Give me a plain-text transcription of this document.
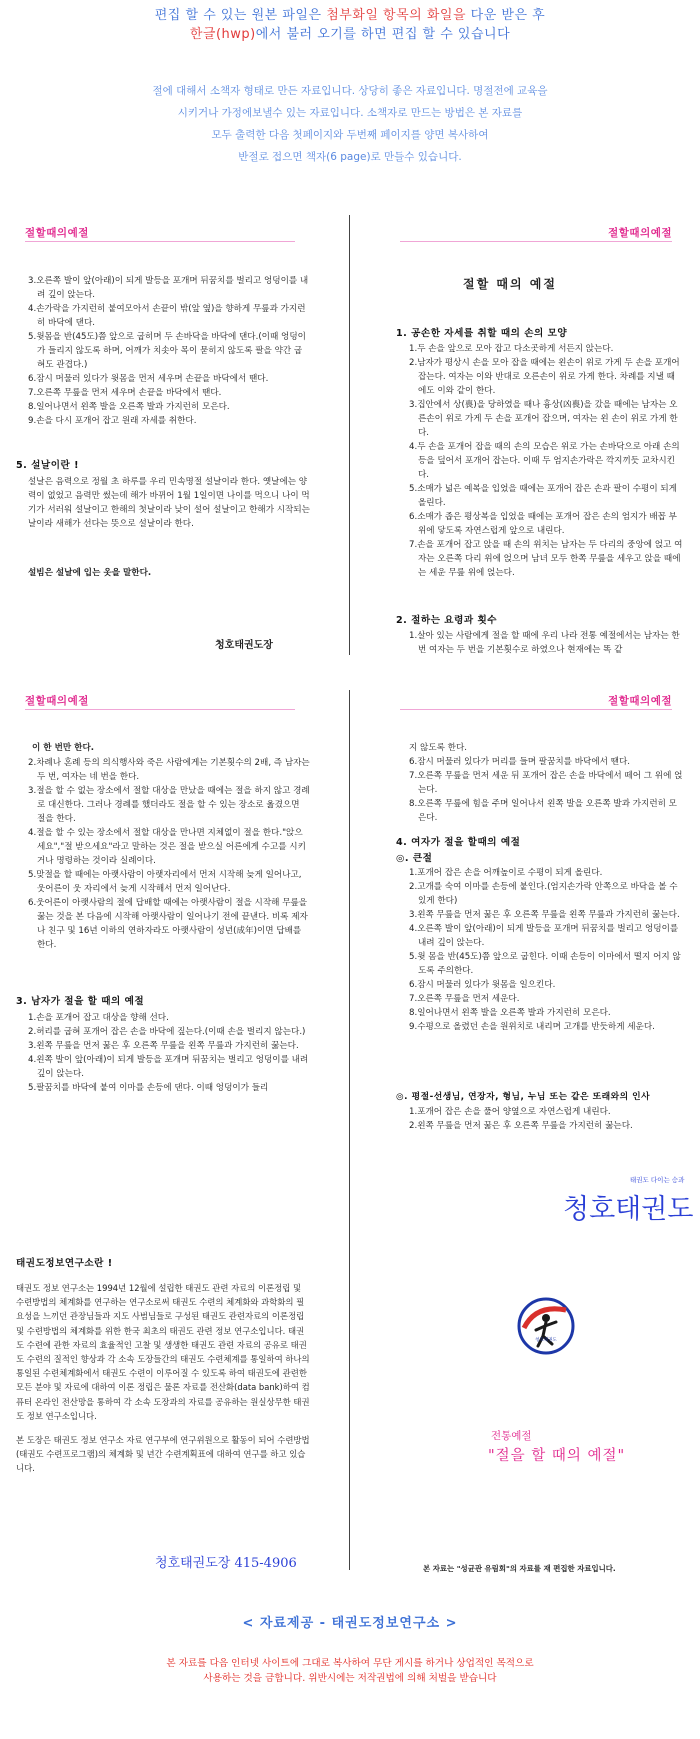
편집 할 수 있는 원본 파일은 첨부화일 항목의 화일을 다운 받은 후
한글(hwp)에서 불러 오기를 하면 편집 할 수 있습니다
절에 대해서 소책자 형태로 만든 자료입니다. 상당히 좋은 자료입니다. 명절전에 교육을
시키거나 가정에보낼수 있는 자료입니다. 소책자로 만드는 방법은 본 자료를
모두 출력한 다음 첫페이지와 두번째 페이지를 양면 복사하여
반절로 접으면 책자(6 page)로 만들수 있습니다.
절할때의예절

3.오른쪽 발이 앞(아래)이 되게 발등을 포개며 뒤꿈치를 벌리고 엉덩이를 내려 깊이 앉는다.

4.손가락을 가지런히 붙여모아서 손끝이 밖(앞 옆)을 향하게 무릎과 가지런히 바닥에 댄다.

5.윗몸을 반(45도)쯤 앞으로 굽히며 두 손바닥을 바닥에 댄다.(이때 엉덩이가 들리지 않도록 하며, 어깨가 치솟아 목이 묻히지 않도록 팔을 약간 굽혀도 관겹다.)

6.잠시 머물러 있다가 윗몸을 먼저 세우며 손끝을 바닥에서 땐다.

7.오른쪽 무릎을 먼저 세우며 손끝을 바닥에서 땐다.

8.일어나면서 왼쪽 발을 오른쪽 발과 가지런히 모은다.

9.손을 다시 포개어 잡고 원래 자세를 취한다.

5. 설날이란 !
설날은 음력으로 정월 초 하루를 우리 민속명절 설날이라 한다. 옛날에는 양력이 없었고 음력만 썼는데 해가 바뀌어 1월 1일이면 나이를 먹으니 나이 먹기가 서러워 설날이고 한해의 첫날이라 낮이 설어 설날이고 한해가 시작되는 날이라 새해가 선다는 뜻으로 설날이라 한다.
설빔은 설날에 입는 옷을 말한다.
청호태권도장
절할때의예절
절할 때의 예절
1. 공손한 자세를 취할 때의 손의 모양

1.두 손을 앞으로 모아 잡고 다소곳하게 서든지 앉는다.

2.남자가 평상시 손을 모아 잡을 때에는 왼손이 위로 가게 두 손을 포개어 잡는다. 여자는 이와 반대로 오른손이 위로 가게 한다. 차례를 지낼 때에도 이와 같이 한다.

3.집안에서 상(喪)을 당하였을 때나 흉상(凶喪)을 갔을 때에는 남자는 오른손이 위로 가게 두 손을 포개어 잡으며, 여자는 왼 손이 위로 가게 한다.

4.두 손을 포개어 잡을 때의 손의 모습은 위로 가는 손바닥으로 아래 손의 등을 덮어서 포개어 잡는다. 이때 두 엄지손가락은 깍지끼듯 교차시킨다.

5.소매가 넓은 예복을 입었을 때에는 포개어 잡은 손과 팔이 수평이 되게 올린다.

6.소매가 좁은 평상복을 입었을 때에는 포개어 잡은 손의 엄지가 배꼽 부위에 닿도록 자연스럽게 앞으로 내린다.

7.손을 포개어 잡고 앉을 때 손의 위치는 남자는 두 다리의 중앙에 얹고 여자는 오른쪽 다리 위에 얹으며 남녀 모두 한쪽 무릎을 세우고 앉을 때에는 세운 무릎 위에 얹는다.

2. 절하는 요령과 횟수

1.살아 있는 사람에게 절을 할 때에 우리 나라 전통 예절에서는 남자는 한 번 여자는 두 번을 기본횟수로 하였으나 현재에는 똑 같

절할때의예절
이 한 번만 한다.

2.차례나 혼례 등의 의식행사와 죽은 사람에게는 기본횟수의 2배, 즉 남자는 두 번, 여자는 네 번을 한다.

3.절을 할 수 없는 장소에서 절할 대상을 만났을 때에는 절을 하지 않고 경례로 대신한다. 그러나 경례를 했더라도 절을 할 수 있는 장소로 옮겼으면 절을 한다.

4.절을 할 수 있는 장소에서 절할 대상을 만나면 지체없이 절을 한다."앉으세요","절 받으세요"라고 말하는 것은 절을 받으실 어른에게 수고를 시키거나 명령하는 것이라 실례이다.

5.맞절을 할 때에는 아랫사람이 아랫자리에서 먼저 시작해 늦게 일어나고, 웃어른이 웃 자리에서 늦게 시작해서 먼저 일어난다.

6.웃어른이 아랫사람의 절에 답배할 때에는 아랫사람이 절을 시작해 무릎을 꿇는 것을 본 다음에 시작해 아랫사람이 일어나기 전에 끝낸다. 비록 제자나 친구 및 16년 이하의 연하자라도 아랫사람이 성년(成年)이면 답배를 한다.

3. 남자가 절을 할 때의 예절

1.손을 포개어 잡고 대상을 향해 선다.

2.허리를 굽혀 포개어 잡은 손을 바닥에 짚는다.(이때 손을 벌리지 않는다.)

3.왼쪽 무릎을 먼저 꿇은 후 오른쪽 무릎을 왼쪽 무릎과 가지런히 꿇는다.

4.왼쪽 발이 앞(아래)이 되게 발등을 포개며 뒤꿈치는 벌리고 엉덩이를 내려 깊이 앉는다.

5.팔꿈치를 바닥에 붙여 이마를 손등에 댄다. 이때 엉덩이가 들리

절할때의예절

지 않도록 한다.

6.잠시 머물러 있다가 머리를 들며 팔꿈치를 바닥에서 땐다.

7.오른쪽 무릎을 먼저 세운 뒤 포개어 잡은 손을 바닥에서 떼어 그 위에 얹는다.

8.오른쪽 무릎에 힘을 주며 일어나서 왼쪽 발을 오른쪽 발과 가지런히 모은다.

4. 여자가 절을 할때의 예절
◎. 큰절

1.포개어 잡은 손을 어깨높이로 수평이 되게 올린다.

2.고개를 숙여 이마를 손등에 붙인다.(엄지손가락 안쪽으로 바닥을 볼 수 있게 한다)

3.왼쪽 무릎을 먼저 꿇은 후 오른쪽 무릎을 왼쪽 무릎과 가지런히 꿇는다.

4.오른쪽 발이 앞(아래)이 되게 발등을 포개며 뒤꿈치를 벌리고 엉덩이를 내려 깊이 앉는다.

5.윗 몸을 반(45도)쯤 앞으로 굽힌다. 이때 손등이 이마에서 떨지 어지 않도록 주의한다.

6.잠시 머물러 있다가 윗몸을 일으킨다.

7.오른쪽 무릎을 먼저 세운다.

8.일어나면서 왼쪽 발을 오른쪽 발과 가지런히 모은다.

9.수평으로 올렸던 손을 원위치로 내리며 고개를 반듯하게 세운다.

◎. 평절-선생님, 연장자, 형님, 누님 또는 같은 또래와의 인사

1.포개어 잡은 손을 풀어 양옆으로 자연스럽게 내린다.

2.왼쪽 무릎을 먼저 꿇은 후 오른쪽 무릎을 가지런히 꿇는다.

태권도 다이는 승과
청호태권도
태권도정보연구소란 !
태권도 정보 연구소는 1994년 12월에 설립한 태권도 관련 자료의 이론정립 및 수련방법의 체계화를 연구하는 연구소로써 태권도 수련의 체계화와 과학화의 필요성을 느끼던 관장님들과 지도 사범님들로 구성된 태권도 관련자료의 이론정립 및 수련방법의 체계화를 위한 한국 최초의 태권도 관련 정보 연구소입니다. 태권도 수련에 관한 자료의 효율적인 고찰 및 생생한 태권도 관련 자료의 공유로 태권도 수련의 질적인 향상과 각 소속 도장들간의 태권도 수련체계를 통일하여 하나의 통일된 수련체계화에서 태권도 수련이 이루어질 수 있도록 하여 태권도에 관련한 모든 분야 및 자료에 대하여 이론 정립은 물론 자료를 전산화(data bank)하여 컴퓨터 온라인 전산망을 통하여 각 소속 도장과의 자료를 공유하는 원실상무한 태권도 정보 연구소입니다.
본 도장은 태권도 정보 연구소 자료 연구부에 연구위원으로 활동이 되어 수련방법(태권도 수련프로그램)의 체계화 및 년간 수련계획표에 대하여 연구를 하고 있습니다.
청호태권도장 415-4906
청호태권도
전통예절
"절을 할 때의 예절"
본 자료는 "성균관 유림회"의 자료를 재 편집한 자료입니다.
< 자료제공 - 태권도정보연구소 >
본 자료를 다음 인터넷 사이트에 그대로 복사하여 무단 게시를 하거나 상업적인 목적으로
사용하는 것을 금합니다. 위반시에는 저작권법에 의해 처벌을 받습니다
